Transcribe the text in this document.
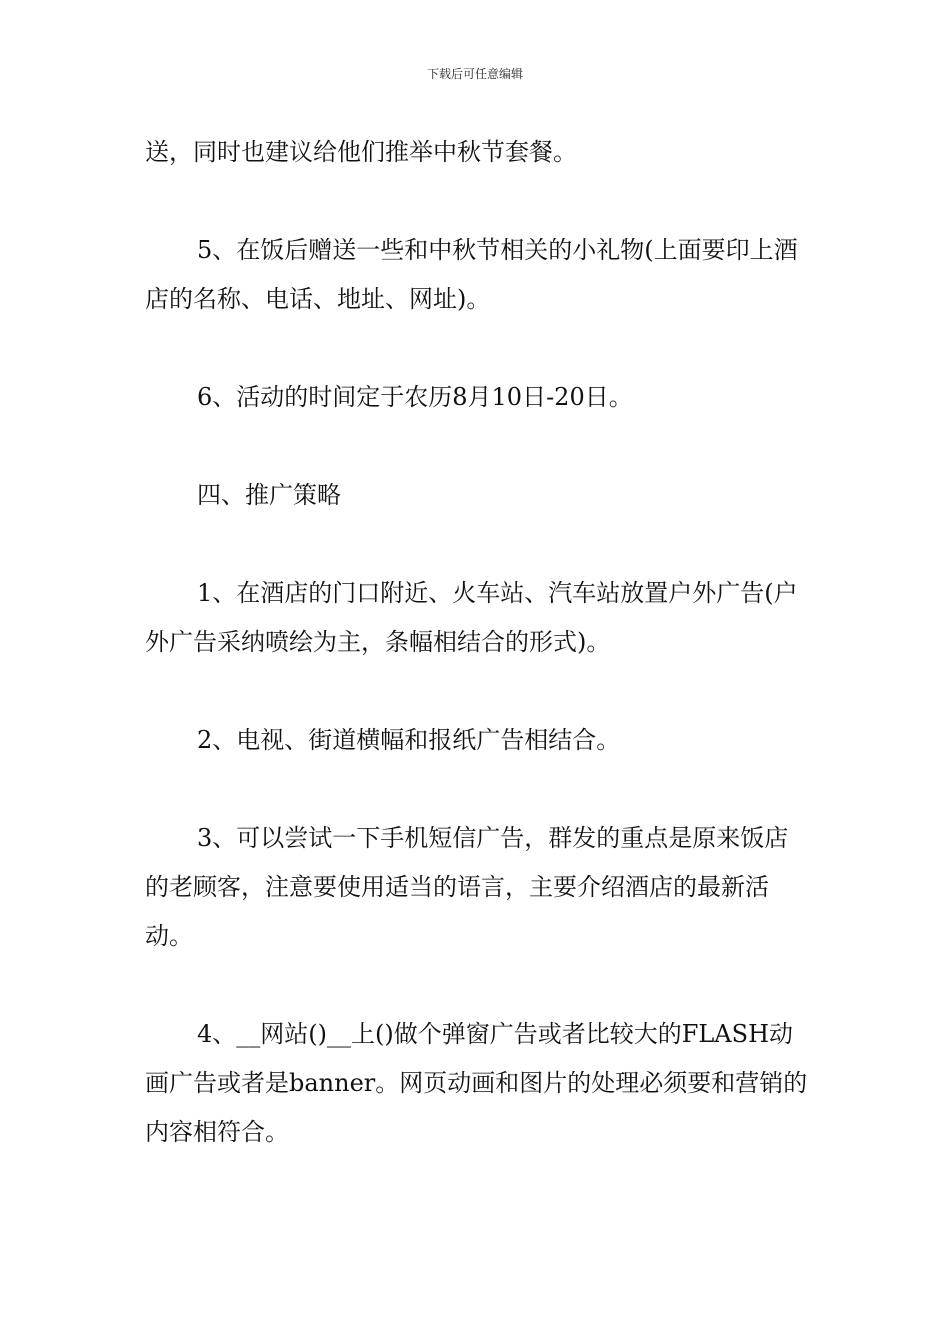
下载后可任意编辑

送，同时也建议给他们推举中秋节套餐。

5、在饭后赠送一些和中秋节相关的小礼物(上面要印上酒店的名称、电话、地址、网址)。

6、活动的时间定于农历8月10日-20日。

四、推广策略

1、在酒店的门口附近、火车站、汽车站放置户外广告(户外广告采纳喷绘为主，条幅相结合的形式)。

2、电视、街道横幅和报纸广告相结合。

3、可以尝试一下手机短信广告，群发的重点是原来饭店的老顾客，注意要使用适当的语言，主要介绍酒店的最新活动。

4、__网站()__上()做个弹窗广告或者比较大的FLASH动画广告或者是banner。网页动画和图片的处理必须要和营销的内容相符合。
